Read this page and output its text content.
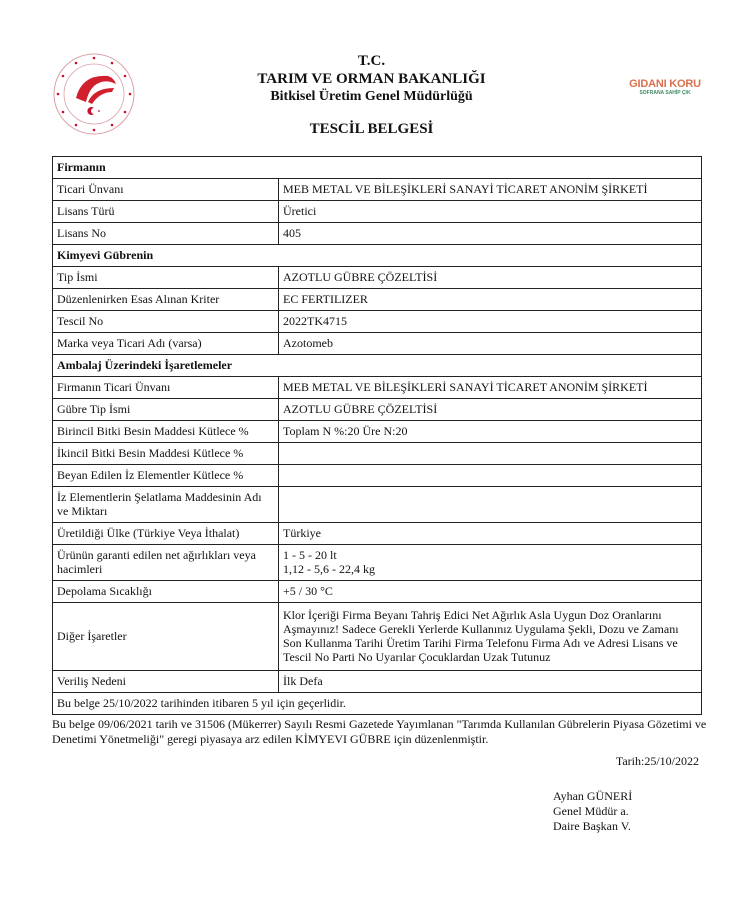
GIDANI KORU
SOFRANA SAHİP ÇIK
T.C.
TARIM VE ORMAN BAKANLIĞI
Bitkisel Üretim Genel Müdürlüğü
TESCİL BELGESİ
Firmanın	
Ticari Ünvanı	MEB METAL VE BİLEŞİKLERİ SANAYİ TİCARET ANONİM ŞİRKETİ
Lisans Türü	Üretici
Lisans No	405
Kimyevi Gübrenin	
Tip İsmi	AZOTLU GÜBRE ÇÖZELTİSİ
Düzenlenirken Esas Alınan Kriter	EC FERTILIZER
Tescil No	2022TK4715
Marka veya Ticari Adı (varsa)	Azotomeb
Ambalaj Üzerindeki İşaretlemeler	
Firmanın Ticari Ünvanı	MEB METAL VE BİLEŞİKLERİ SANAYİ TİCARET ANONİM ŞİRKETİ
Gübre Tip İsmi	AZOTLU GÜBRE ÇÖZELTİSİ
Birincil Bitki Besin Maddesi Kütlece %	Toplam N %:20 Üre N:20
İkincil Bitki Besin Maddesi Kütlece %	
Beyan Edilen İz Elementler Kütlece %	
İz Elementlerin Şelatlama Maddesinin Adı ve Miktarı	
Üretildiği Ülke (Türkiye Veya İthalat)	Türkiye
Ürünün garanti edilen net ağırlıkları veya hacimleri	1 - 5 - 20 lt
1,12 - 5,6 - 22,4 kg

Depolama Sıcaklığı	+5 / 30 °C
Diğer İşaretler	Klor İçeriği Firma Beyanı Tahriş Edici Net Ağırlık Asla Uygun Doz Oranlarını Aşmayınız! Sadece Gerekli Yerlerde Kullanınız Uygulama Şekli, Dozu ve Zamanı Son Kullanma Tarihi Üretim Tarihi Firma Telefonu Firma Adı ve Adresi Lisans ve Tescil No Parti No Uyarılar Çocuklardan Uzak Tutunuz
Veriliş Nedeni	İlk Defa
Bu belge 25/10/2022 tarihinden itibaren 5 yıl için geçerlidir.	
Bu belge 09/06/2021 tarih ve 31506 (Mükerrer) Sayılı Resmi Gazetede Yayımlanan "Tarımda Kullanılan Gübrelerin Piyasa Gözetimi ve Denetimi Yönetmeliği" geregi piyasaya arz edilen KİMYEVI GÜBRE için düzenlenmiştir.
Tarih:25/10/2022
Ayhan GÜNERİ
Genel Müdür a.
Daire Başkan V.
